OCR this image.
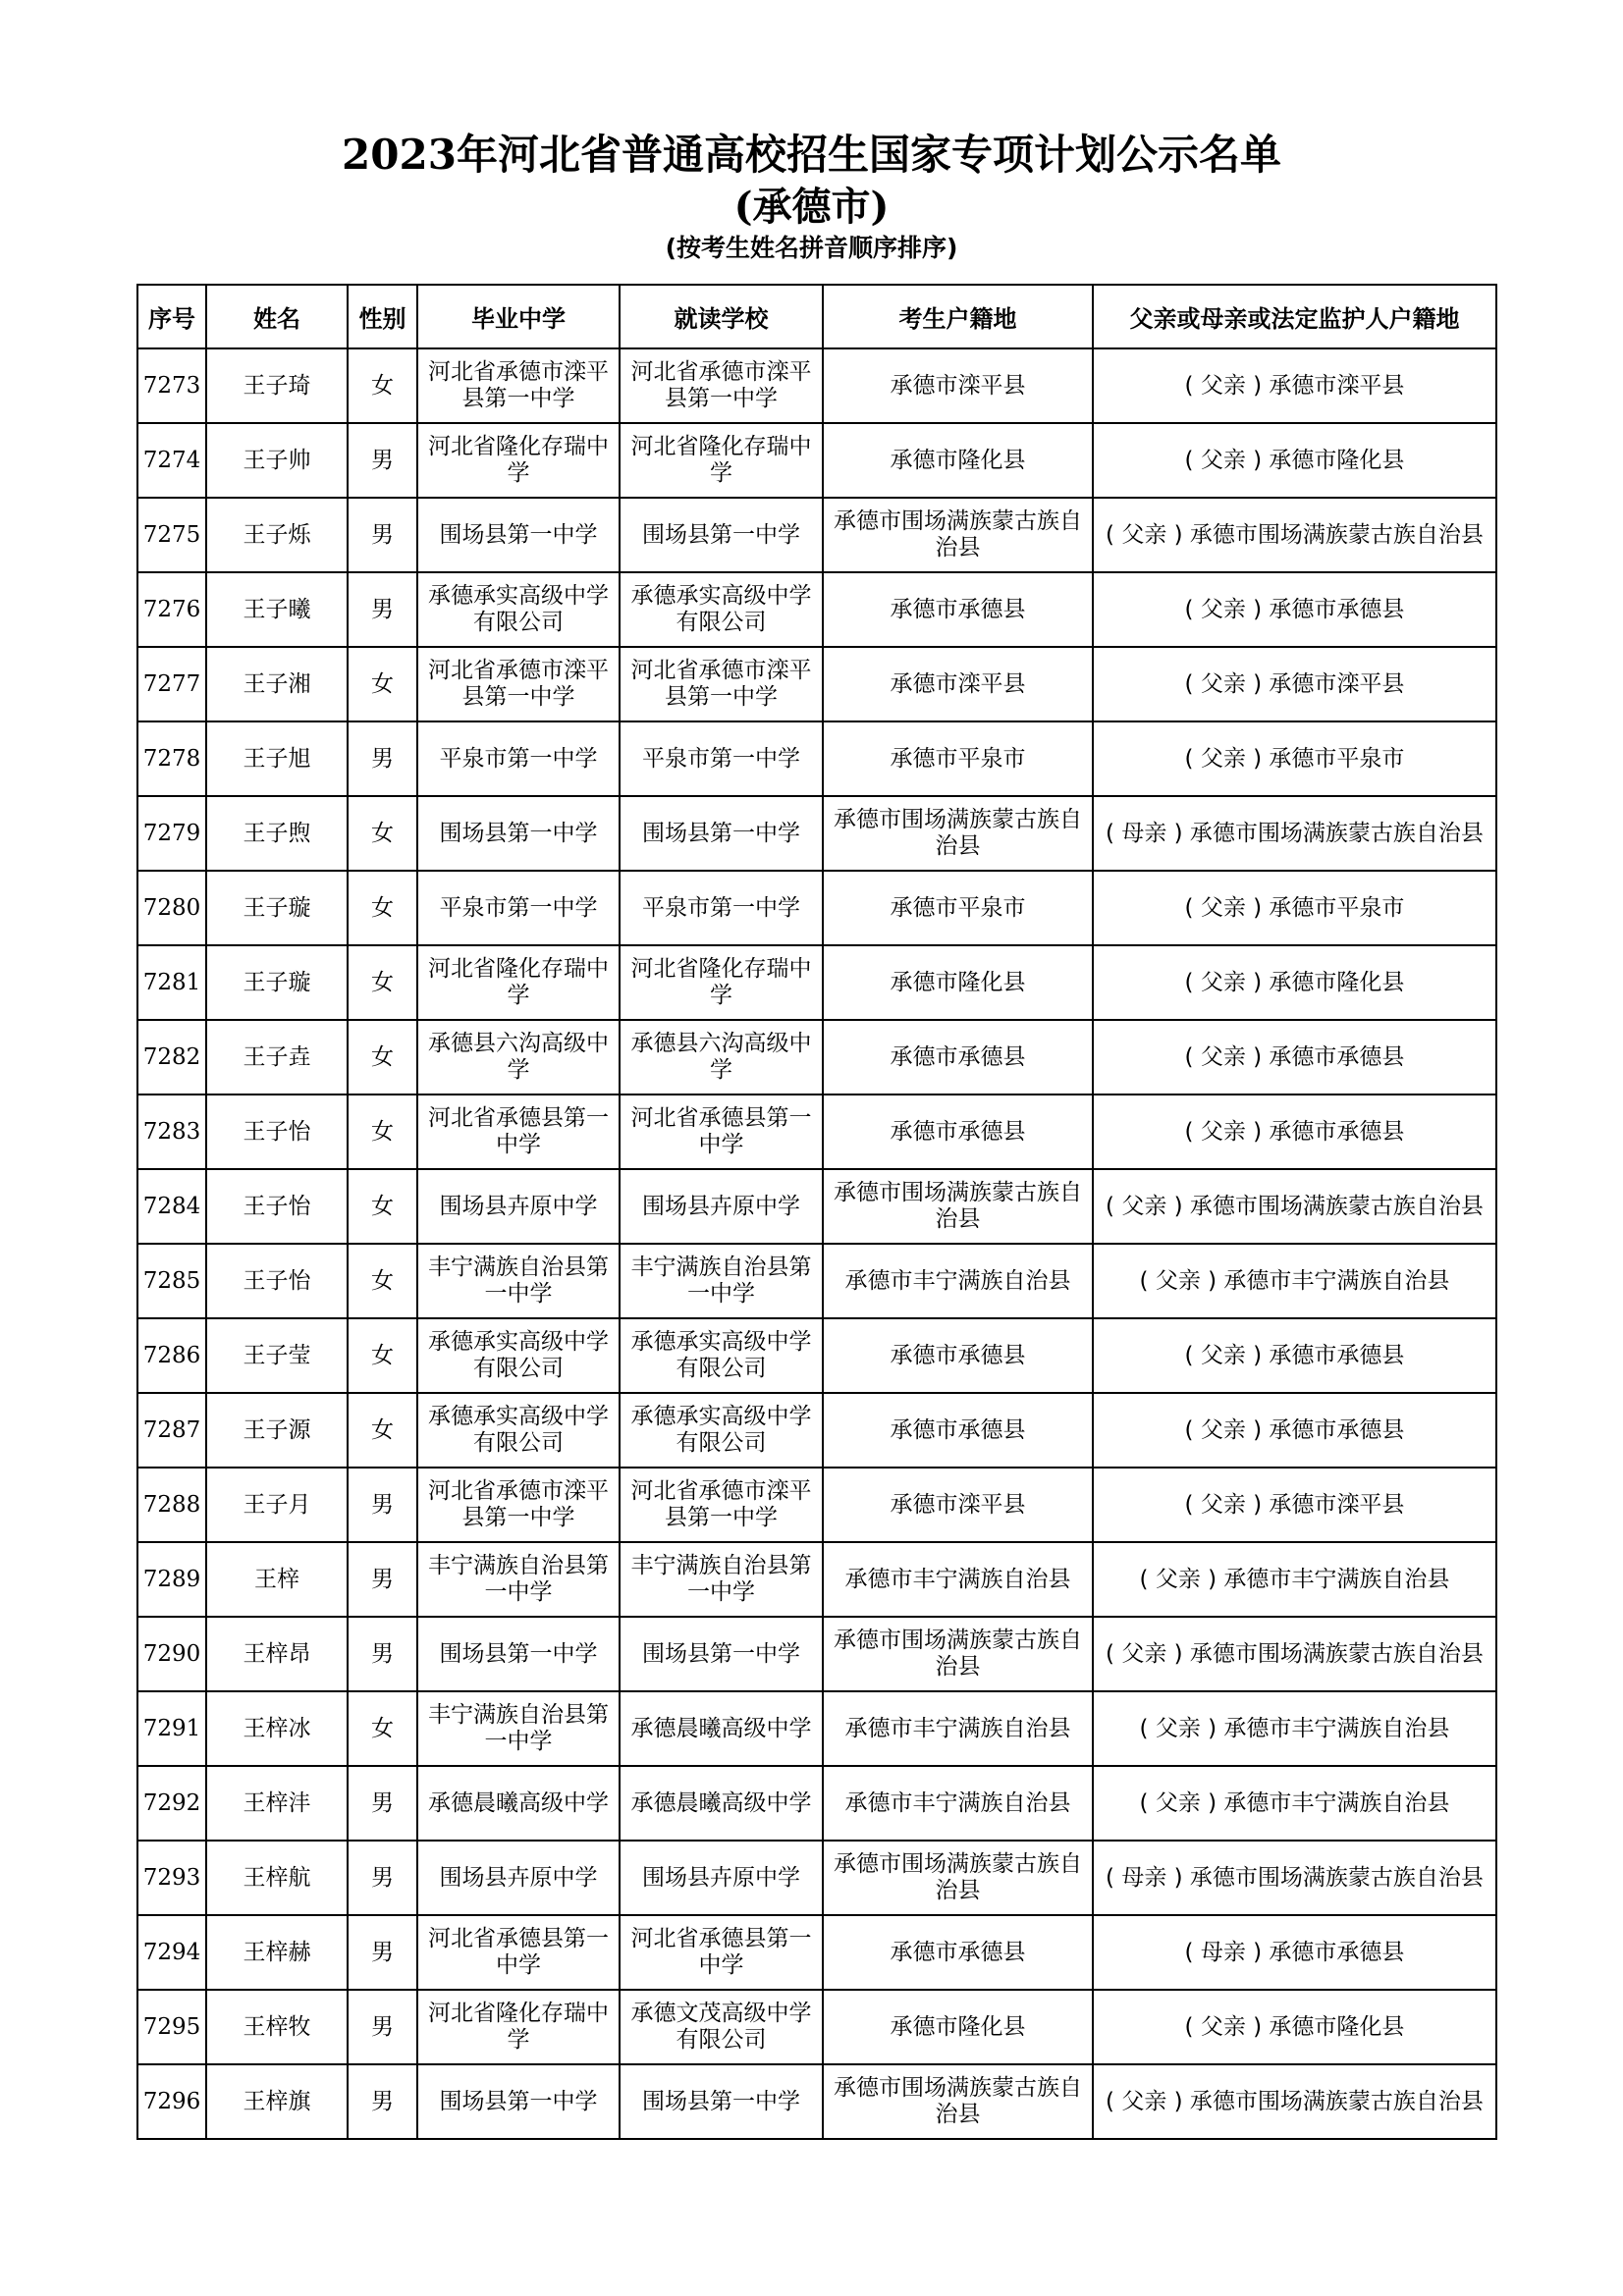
2023年河北省普通高校招生国家专项计划公示名单
(承德市)
(按考生姓名拼音顺序排序)
序号	姓名	性别	毕业中学	就读学校	考生户籍地	父亲或母亲或法定监护人户籍地
7273	王子琦	女	河北省承德市滦平县第一中学	河北省承德市滦平县第一中学	承德市滦平县	( 父亲 ) 承德市滦平县
7274	王子帅	男	河北省隆化存瑞中学	河北省隆化存瑞中学	承德市隆化县	( 父亲 ) 承德市隆化县
7275	王子烁	男	围场县第一中学	围场县第一中学	承德市围场满族蒙古族自治县	( 父亲 ) 承德市围场满族蒙古族自治县
7276	王子曦	男	承德承实高级中学有限公司	承德承实高级中学有限公司	承德市承德县	( 父亲 ) 承德市承德县
7277	王子湘	女	河北省承德市滦平县第一中学	河北省承德市滦平县第一中学	承德市滦平县	( 父亲 ) 承德市滦平县
7278	王子旭	男	平泉市第一中学	平泉市第一中学	承德市平泉市	( 父亲 ) 承德市平泉市
7279	王子煦	女	围场县第一中学	围场县第一中学	承德市围场满族蒙古族自治县	( 母亲 ) 承德市围场满族蒙古族自治县
7280	王子璇	女	平泉市第一中学	平泉市第一中学	承德市平泉市	( 父亲 ) 承德市平泉市
7281	王子璇	女	河北省隆化存瑞中学	河北省隆化存瑞中学	承德市隆化县	( 父亲 ) 承德市隆化县
7282	王子垚	女	承德县六沟高级中学	承德县六沟高级中学	承德市承德县	( 父亲 ) 承德市承德县
7283	王子怡	女	河北省承德县第一中学	河北省承德县第一中学	承德市承德县	( 父亲 ) 承德市承德县
7284	王子怡	女	围场县卉原中学	围场县卉原中学	承德市围场满族蒙古族自治县	( 父亲 ) 承德市围场满族蒙古族自治县
7285	王子怡	女	丰宁满族自治县第一中学	丰宁满族自治县第一中学	承德市丰宁满族自治县	( 父亲 ) 承德市丰宁满族自治县
7286	王子莹	女	承德承实高级中学有限公司	承德承实高级中学有限公司	承德市承德县	( 父亲 ) 承德市承德县
7287	王子源	女	承德承实高级中学有限公司	承德承实高级中学有限公司	承德市承德县	( 父亲 ) 承德市承德县
7288	王子月	男	河北省承德市滦平县第一中学	河北省承德市滦平县第一中学	承德市滦平县	( 父亲 ) 承德市滦平县
7289	王梓	男	丰宁满族自治县第一中学	丰宁满族自治县第一中学	承德市丰宁满族自治县	( 父亲 ) 承德市丰宁满族自治县
7290	王梓昂	男	围场县第一中学	围场县第一中学	承德市围场满族蒙古族自治县	( 父亲 ) 承德市围场满族蒙古族自治县
7291	王梓冰	女	丰宁满族自治县第一中学	承德晨曦高级中学	承德市丰宁满族自治县	( 父亲 ) 承德市丰宁满族自治县
7292	王梓沣	男	承德晨曦高级中学	承德晨曦高级中学	承德市丰宁满族自治县	( 父亲 ) 承德市丰宁满族自治县
7293	王梓航	男	围场县卉原中学	围场县卉原中学	承德市围场满族蒙古族自治县	( 母亲 ) 承德市围场满族蒙古族自治县
7294	王梓赫	男	河北省承德县第一中学	河北省承德县第一中学	承德市承德县	( 母亲 ) 承德市承德县
7295	王梓牧	男	河北省隆化存瑞中学	承德文茂高级中学有限公司	承德市隆化县	( 父亲 ) 承德市隆化县
7296	王梓旗	男	围场县第一中学	围场县第一中学	承德市围场满族蒙古族自治县	( 父亲 ) 承德市围场满族蒙古族自治县
